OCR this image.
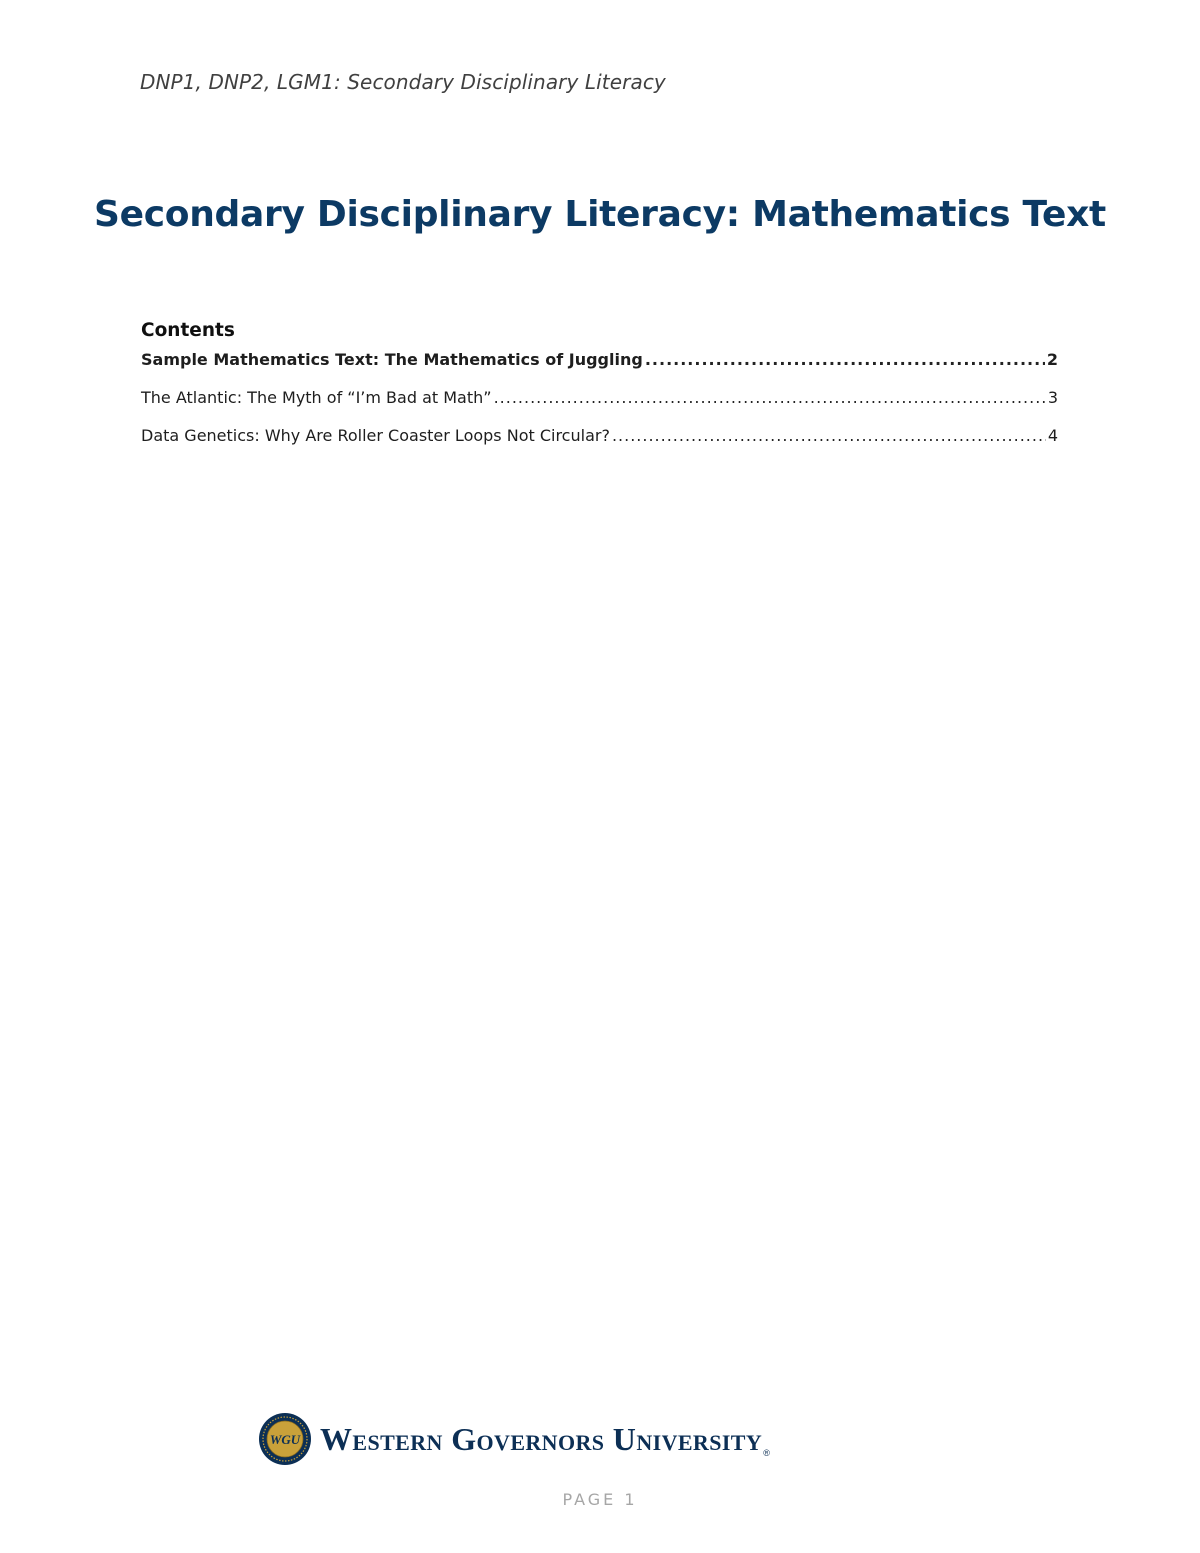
DNP1, DNP2, LGM1: Secondary Disciplinary Literacy
Secondary Disciplinary Literacy: Mathematics Text
Contents
Sample Mathematics Text: The Mathematics of Juggling .....	2
The Atlantic: The Myth of “I’m Bad at Math” .....	3
Data Genetics: Why Are Roller Coaster Loops Not Circular? .....	4
WGU Western Governors University ®
PAGE 1
